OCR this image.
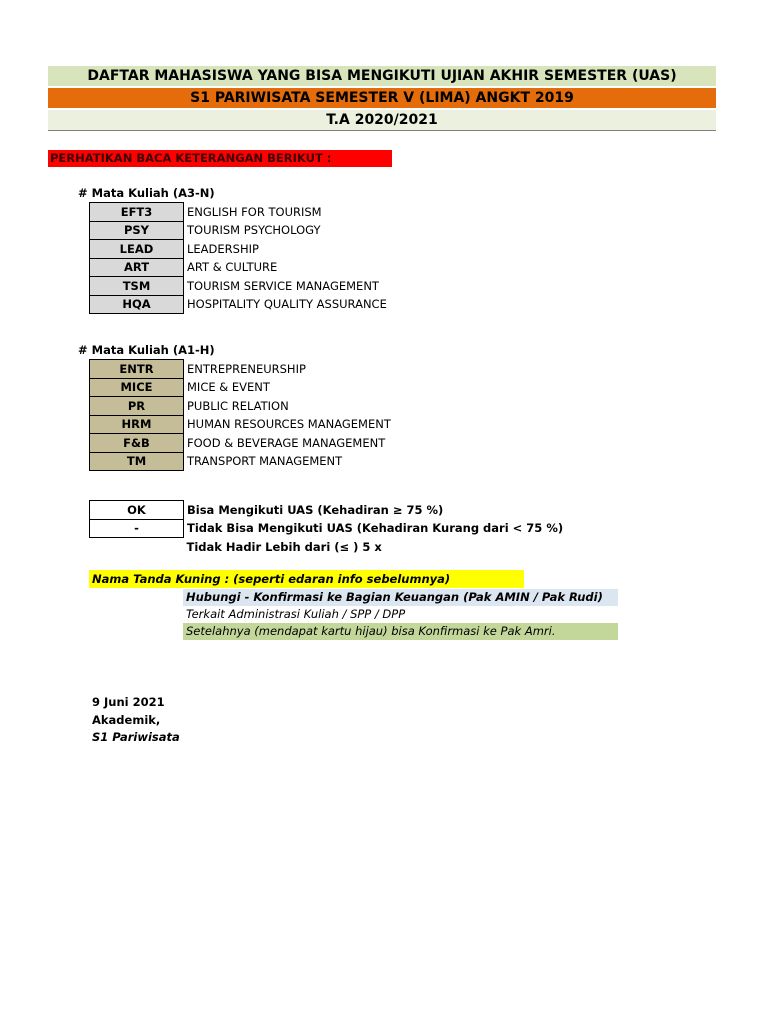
DAFTAR MAHASISWA YANG BISA MENGIKUTI UJIAN AKHIR SEMESTER (UAS)
S1 PARIWISATA SEMESTER V (LIMA) ANGKT 2019
T.A 2020/2021
PERHATIKAN BACA KETERANGAN BERIKUT :
# Mata Kuliah (A3-N)
EFT3	ENGLISH FOR TOURISM
PSY	TOURISM PSYCHOLOGY
LEAD	LEADERSHIP
ART	ART & CULTURE
TSM	TOURISM SERVICE MANAGEMENT
HQA	HOSPITALITY QUALITY ASSURANCE
# Mata Kuliah (A1-H)
ENTR	ENTREPRENEURSHIP
MICE	MICE & EVENT
PR	PUBLIC RELATION
HRM	HUMAN RESOURCES MANAGEMENT
F&B	FOOD & BEVERAGE MANAGEMENT
TM	TRANSPORT MANAGEMENT
OK	Bisa Mengikuti UAS (Kehadiran ≥ 75 %)
-	Tidak Bisa Mengikuti UAS (Kehadiran Kurang dari < 75 %)
	Tidak Hadir Lebih dari (≤ ) 5 x
Nama Tanda Kuning : (seperti edaran info sebelumnya)
Hubungi - Konfirmasi ke Bagian Keuangan (Pak AMIN / Pak Rudi)
Terkait Administrasi Kuliah / SPP / DPP
Setelahnya (mendapat kartu hijau) bisa Konfirmasi ke Pak Amri.
9 Juni 2021
Akademik,
S1 Pariwisata
